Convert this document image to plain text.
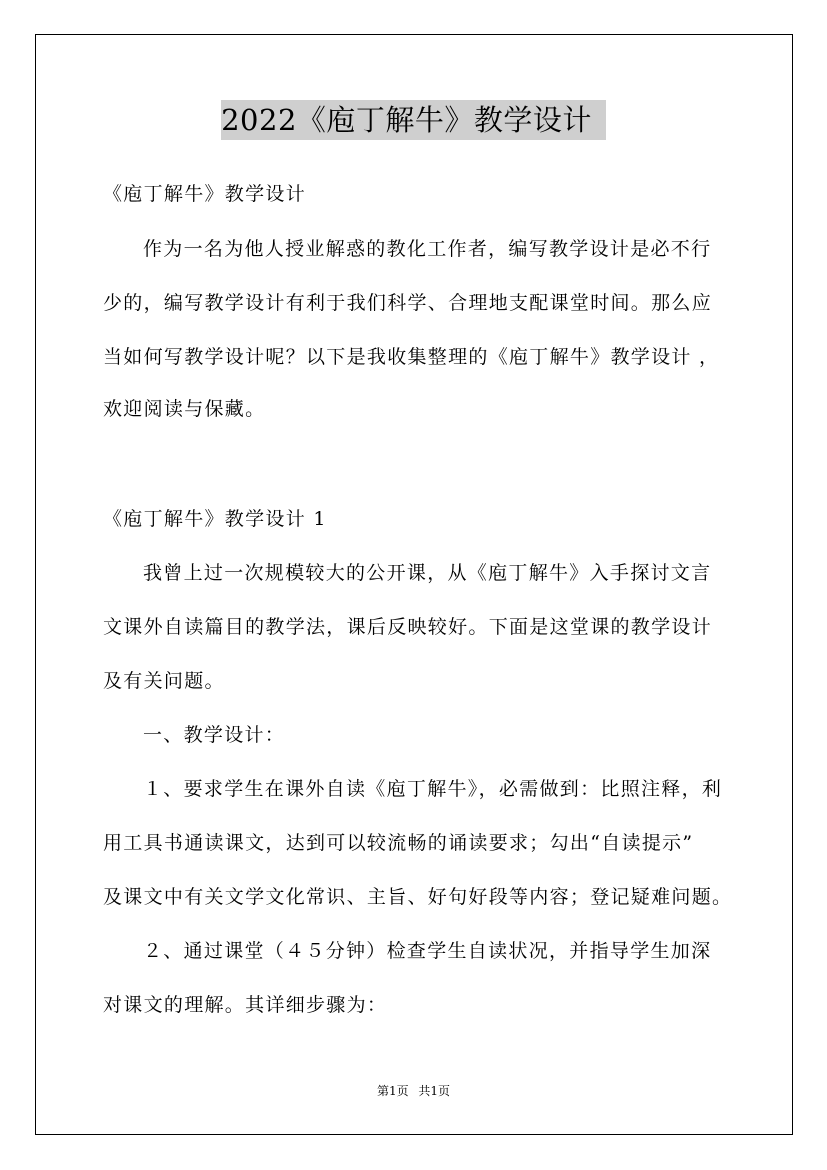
2022《庖丁解牛》教学设计
《庖丁解牛》教学设计
作为一名为他人授业解惑的教化工作者，编写教学设计是必不行
少的，编写教学设计有利于我们科学、合理地支配课堂时间。那么应
当如何写教学设计呢？以下是我收集整理的《庖丁解牛》教学设计 ，
欢迎阅读与保藏。
《庖丁解牛》教学设计 1
我曾上过一次规模较大的公开课，从《庖丁解牛》入手探讨文言
文课外自读篇目的教学法，课后反映较好。下面是这堂课的教学设计
及有关问题。
一、教学设计：
１、要求学生在课外自读《庖丁解牛》，必需做到：比照注释，利
用工具书通读课文，达到可以较流畅的诵读要求；勾出“自读提示”
及课文中有关文学文化常识、主旨、好句好段等内容；登记疑难问题。
２、通过课堂（４５分钟）检查学生自读状况，并指导学生加深
对课文的理解。其详细步骤为：
第1页 共1页
